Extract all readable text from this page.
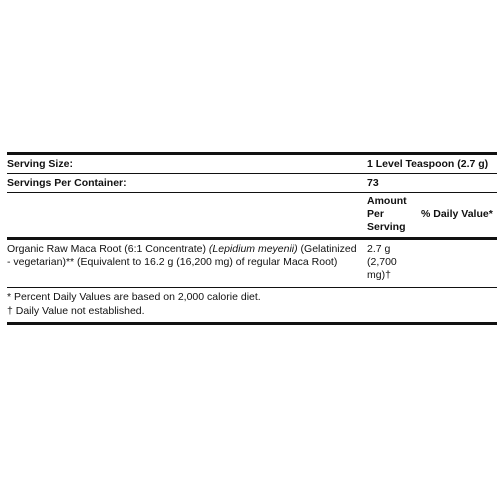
Serving Size:	1 Level Teaspoon (2.7 g)
Servings Per Container:	73
Amount
Per
Serving
% Daily Value*
Organic Raw Maca Root (6:1 Concentrate) (Lepidium meyenii) (Gelatinized - vegetarian)** (Equivalent to 16.2 g (16,200 mg) of regular Maca Root)
2.7 g
(2,700
mg)†
* Percent Daily Values are based on 2,000 calorie diet.
† Daily Value not established.
